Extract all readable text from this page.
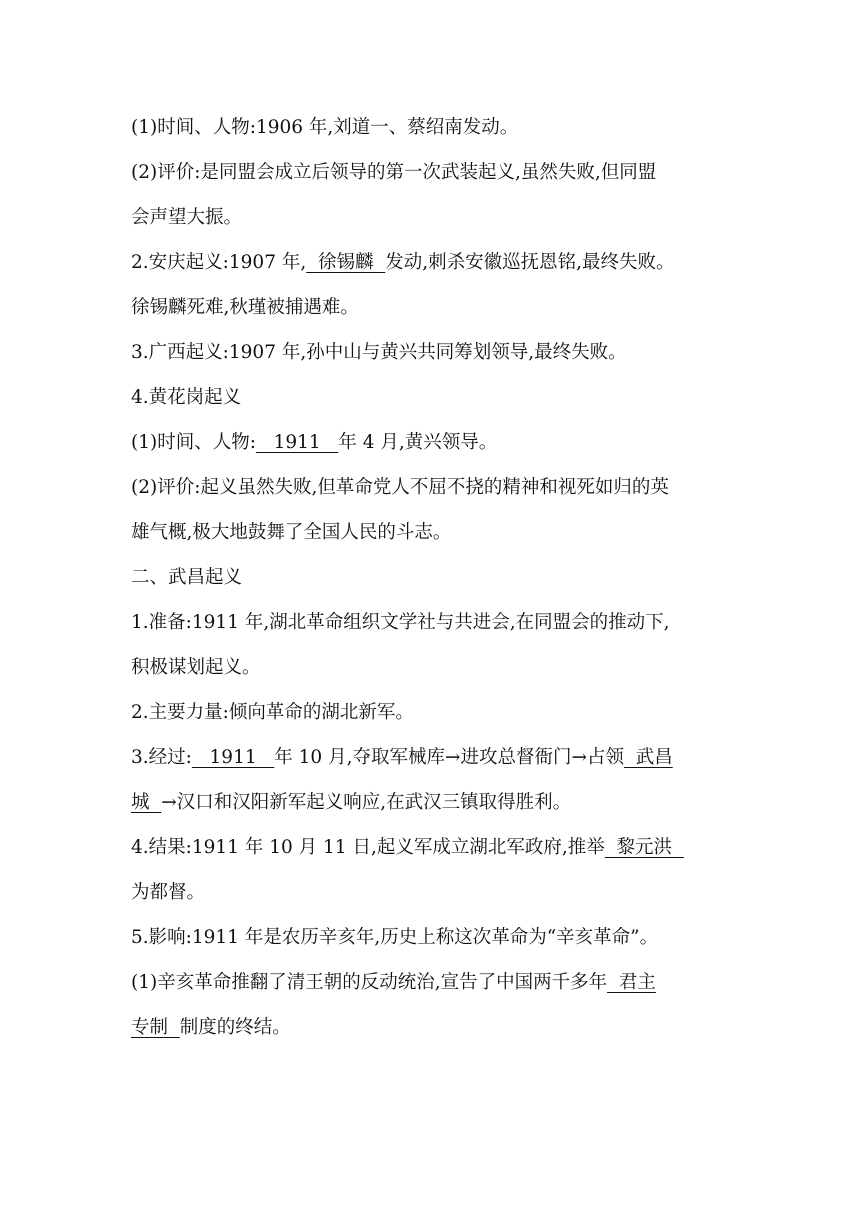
(1)时间、人物:1906 年,刘道一、蔡绍南发动。
(2)评价:是同盟会成立后领导的第一次武装起义,虽然失败,但同盟
会声望大振。
2.安庆起义:1907 年,  徐锡麟  发动,刺杀安徽巡抚恩铭,最终失败。
徐锡麟死难,秋瑾被捕遇难。
3.广西起义:1907 年,孙中山与黄兴共同筹划领导,最终失败。
4.黄花岗起义
(1)时间、人物:   1911   年 4 月,黄兴领导。
(2)评价:起义虽然失败,但革命党人不屈不挠的精神和视死如归的英
雄气概,极大地鼓舞了全国人民的斗志。
二、武昌起义
1.准备:1911 年,湖北革命组织文学社与共进会,在同盟会的推动下,
积极谋划起义。
2.主要力量:倾向革命的湖北新军。
3.经过:   1911   年 10 月,夺取军械库→进攻总督衙门→占领  武昌
城  →汉口和汉阳新军起义响应,在武汉三镇取得胜利。
4.结果:1911 年 10 月 11 日,起义军成立湖北军政府,推举  黎元洪
为都督。
5.影响:1911 年是农历辛亥年,历史上称这次革命为“辛亥革命”。
(1)辛亥革命推翻了清王朝的反动统治,宣告了中国两千多年  君主
专制  制度的终结。
